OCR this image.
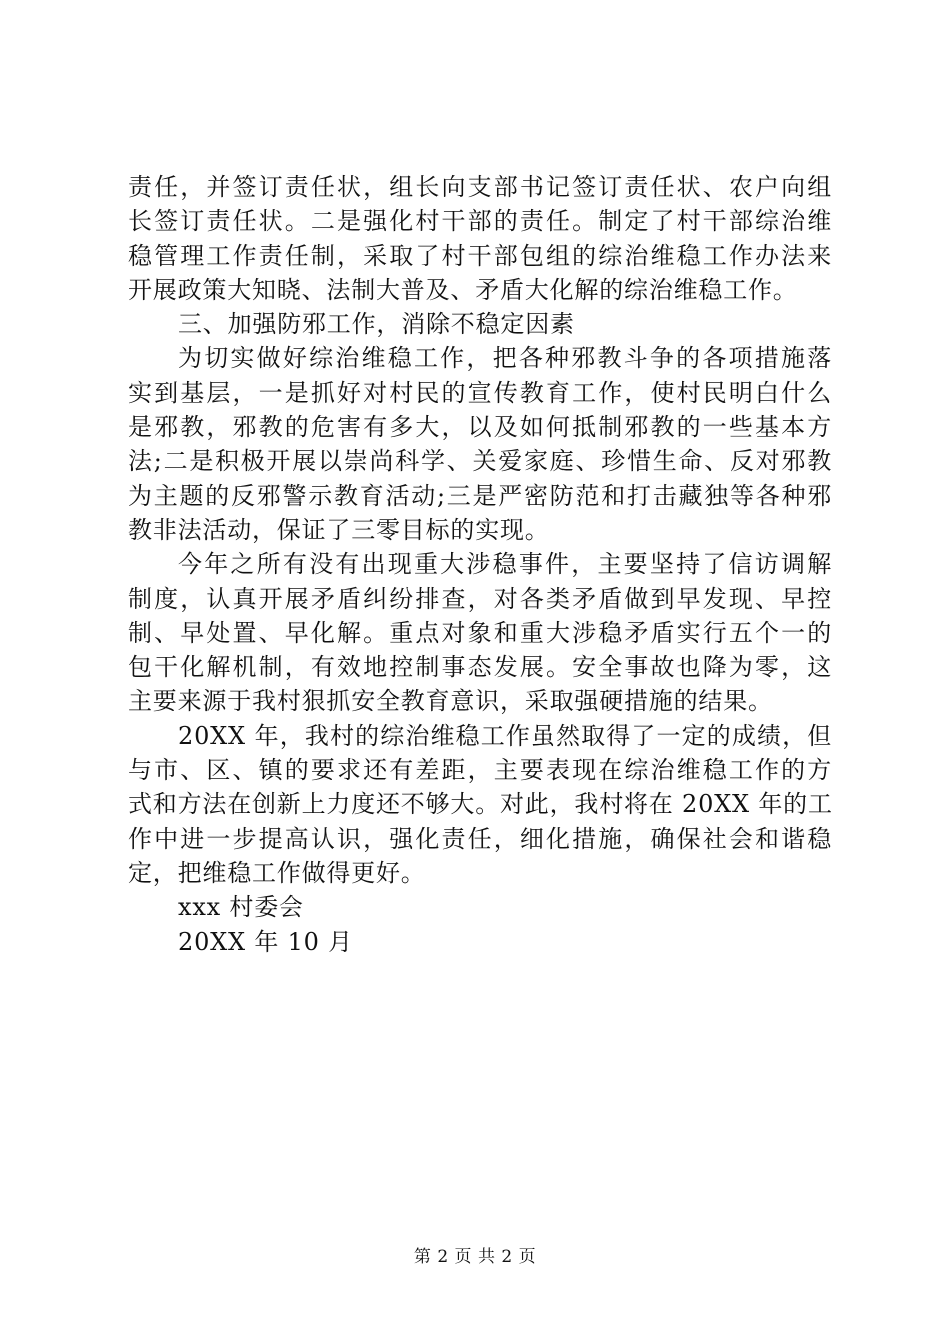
责任，并签订责任状，组长向支部书记签订责任状、农户向组
长签订责任状。二是强化村干部的责任。制定了村干部综治维
稳管理工作责任制，采取了村干部包组的综治维稳工作办法来
开展政策大知晓、法制大普及、矛盾大化解的综治维稳工作。
三、加强防邪工作，消除不稳定因素
为切实做好综治维稳工作，把各种邪教斗争的各项措施落
实到基层，一是抓好对村民的宣传教育工作，使村民明白什么
是邪教，邪教的危害有多大，以及如何抵制邪教的一些基本方
法;二是积极开展以崇尚科学、关爱家庭、珍惜生命、反对邪教
为主题的反邪警示教育活动;三是严密防范和打击藏独等各种邪
教非法活动，保证了三零目标的实现。
今年之所有没有出现重大涉稳事件，主要坚持了信访调解
制度，认真开展矛盾纠纷排查，对各类矛盾做到早发现、早控
制、早处置、早化解。重点对象和重大涉稳矛盾实行五个一的
包干化解机制，有效地控制事态发展。安全事故也降为零，这
主要来源于我村狠抓安全教育意识，采取强硬措施的结果。
20XX 年，我村的综治维稳工作虽然取得了一定的成绩，但
与市、区、镇的要求还有差距，主要表现在综治维稳工作的方
式和方法在创新上力度还不够大。对此，我村将在 20XX 年的工
作中进一步提高认识，强化责任，细化措施，确保社会和谐稳
定，把维稳工作做得更好。
xxx 村委会
20XX 年 10 月
第 2 页 共 2 页
